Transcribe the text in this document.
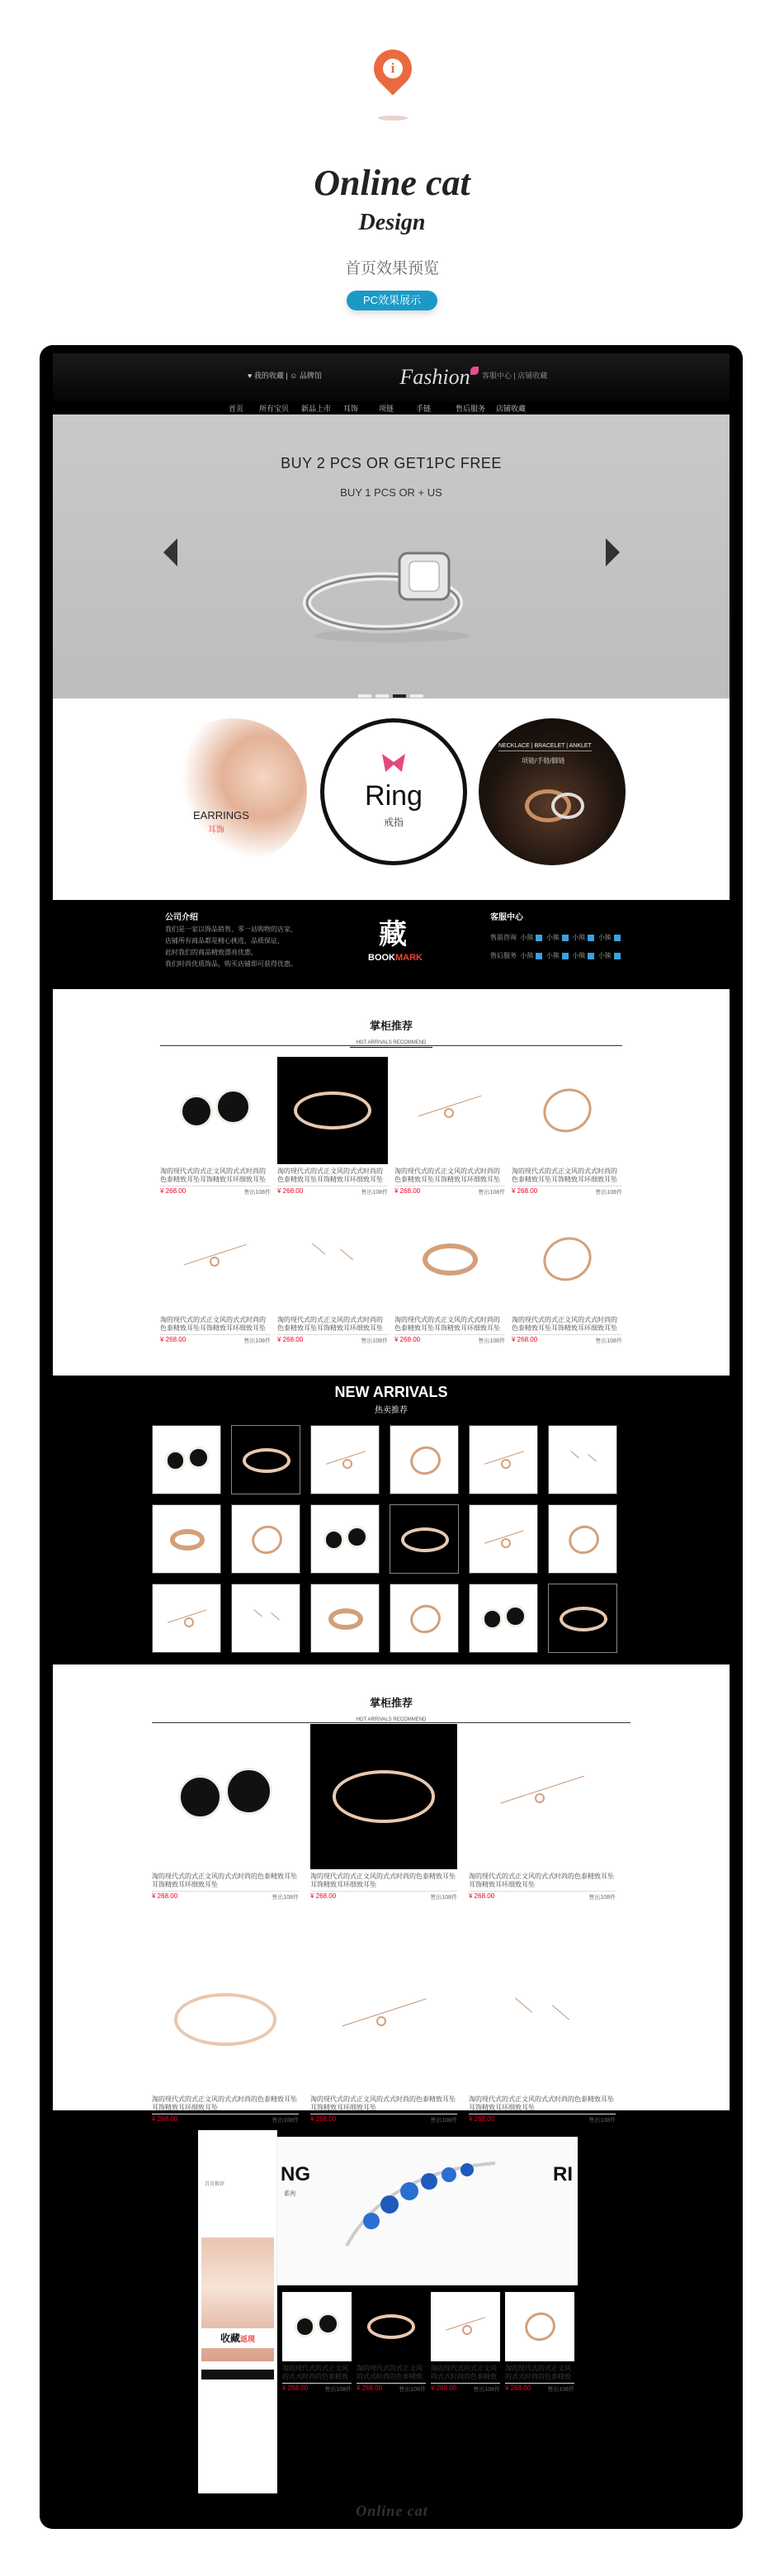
i
Online cat
Design
首页效果预览
PC效果展示
♥ 我的收藏 | ☺ 品牌馆	Fashion	客服中心 | 店铺收藏
首页 所有宝贝 新品上市 耳饰	项链	手链	售后服务 店铺收藏
BUY 2 PCS OR GET1PC FREE
BUY 1 PCS OR + US
EARRINGS
耳饰
Ring
戒指
NECKLACE | BRACELET | ANKLET
项链/手链/脚链
公司介绍
我们是一家以饰品销售、零一站购物的店家，
店铺所有商品都是精心挑选，品质保证，
此时我们的商品精致漂亮优惠，
我们时尚优质饰品，购买店铺即可获得优惠。
藏
BOOKMARK
客服中心
售前咨询 小熊 小熊 小熊 小熊
售后服务 小熊 小熊 小熊 小熊
掌柜推荐
HOT ARRIVALS RECOMMEND
淘的现代式的式正文风的式式时尚的色泰精致耳坠耳饰精致耳环细致耳坠
¥ 268.00	售出108件
淘的现代式的式正文风的式式时尚的色泰精致耳坠耳饰精致耳环细致耳坠
¥ 268.00	售出108件
淘的现代式的式正文风的式式时尚的色泰精致耳坠耳饰精致耳环细致耳坠
¥ 268.00	售出108件
淘的现代式的式正文风的式式时尚的色泰精致耳坠耳饰精致耳环细致耳坠
¥ 268.00	售出108件
淘的现代式的式正文风的式式时尚的色泰精致耳坠耳饰精致耳环细致耳坠
¥ 268.00	售出108件
淘的现代式的式正文风的式式时尚的色泰精致耳坠耳饰精致耳环细致耳坠
¥ 268.00	售出108件
淘的现代式的式正文风的式式时尚的色泰精致耳坠耳饰精致耳环细致耳坠
¥ 268.00	售出108件
淘的现代式的式正文风的式式时尚的色泰精致耳坠耳饰精致耳环细致耳坠
¥ 268.00	售出108件
NEW ARRIVALS
热卖推荐
掌柜推荐
HOT ARRIVALS RECOMMEND
淘的现代式的式正文风的式式时尚的色泰精致耳坠耳饰精致耳环细致耳坠
¥ 268.00	售出108件
淘的现代式的式正文风的式式时尚的色泰精致耳坠耳饰精致耳环细致耳坠
¥ 268.00	售出108件
淘的现代式的式正文风的式式时尚的色泰精致耳坠耳饰精致耳环细致耳坠
¥ 268.00	售出108件
淘的现代式的式正文风的式式时尚的色泰精致耳坠耳饰精致耳环细致耳坠
¥ 268.00	售出108件
淘的现代式的式正文风的式式时尚的色泰精致耳坠耳饰精致耳环细致耳坠
¥ 268.00	售出108件
淘的现代式的式正文风的式式时尚的色泰精致耳坠耳饰精致耳环细致耳坠
¥ 268.00	售出108件
首页推荐
收藏返现
NG	RI
系列
淘的现代式的式正文风的式式时尚的色泰精致
¥ 268.00	售出108件
淘的现代式的式正文风的式式时尚的色泰精致
¥ 268.00	售出108件
淘的现代式的式正文风的式式时尚的色泰精致
¥ 268.00	售出108件
淘的现代式的式正文风的式式时尚的色泰精致
¥ 268.00	售出108件
Online cat
